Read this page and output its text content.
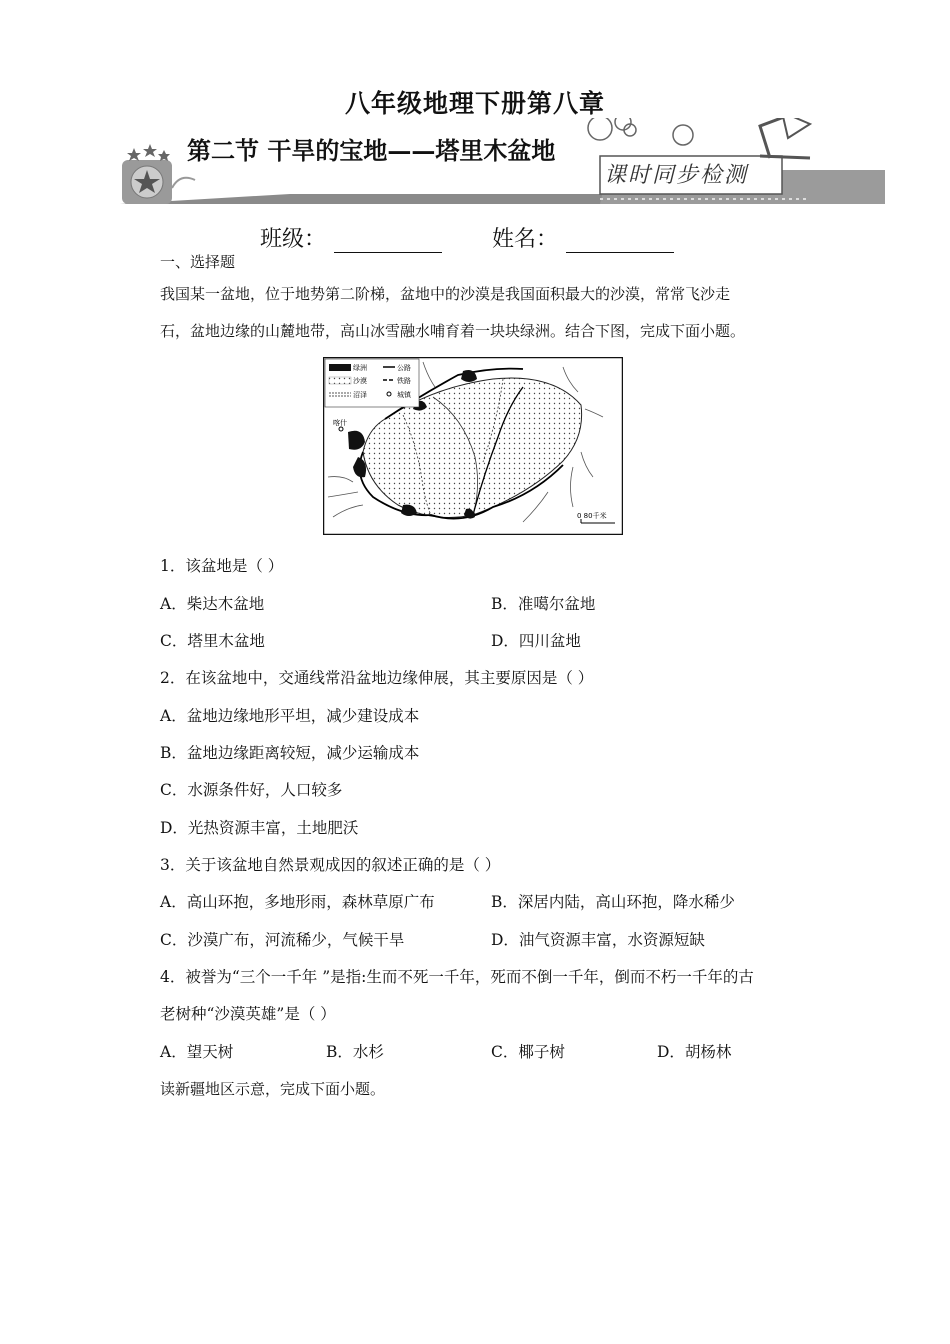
八年级地理下册第八章
第二节 干旱的宝地——塔里木盆地
课时同步检测
班级：	姓名：
一、选择题
我国某一盆地，位于地势第二阶梯，盆地中的沙漠是我国面积最大的沙漠，常常飞沙走
石，盆地边缘的山麓地带，高山冰雪融水哺育着一块块绿洲。结合下图，完成下面小题。
喀什
绿洲	公路
沙漠	铁路
沼泽	城镇
0 80千米
1．该盆地是（ ）
A．柴达木盆地	B．准噶尔盆地
C．塔里木盆地	D．四川盆地
2．在该盆地中，交通线常沿盆地边缘伸展，其主要原因是（ ）
A．盆地边缘地形平坦，减少建设成本
B．盆地边缘距离较短，减少运输成本
C．水源条件好，人口较多
D．光热资源丰富，土地肥沃
3．关于该盆地自然景观成因的叙述正确的是（ ）
A．高山环抱，多地形雨，森林草原广布	B．深居内陆，高山环抱，降水稀少
C．沙漠广布，河流稀少，气候干旱	D．油气资源丰富，水资源短缺
4．被誉为“三个一千年 ”是指:生而不死一千年，死而不倒一千年，倒而不朽一千年的古
老树种“沙漠英雄”是（ ）
A．望天树	B．水杉	C．椰子树	D．胡杨林
读新疆地区示意，完成下面小题。
